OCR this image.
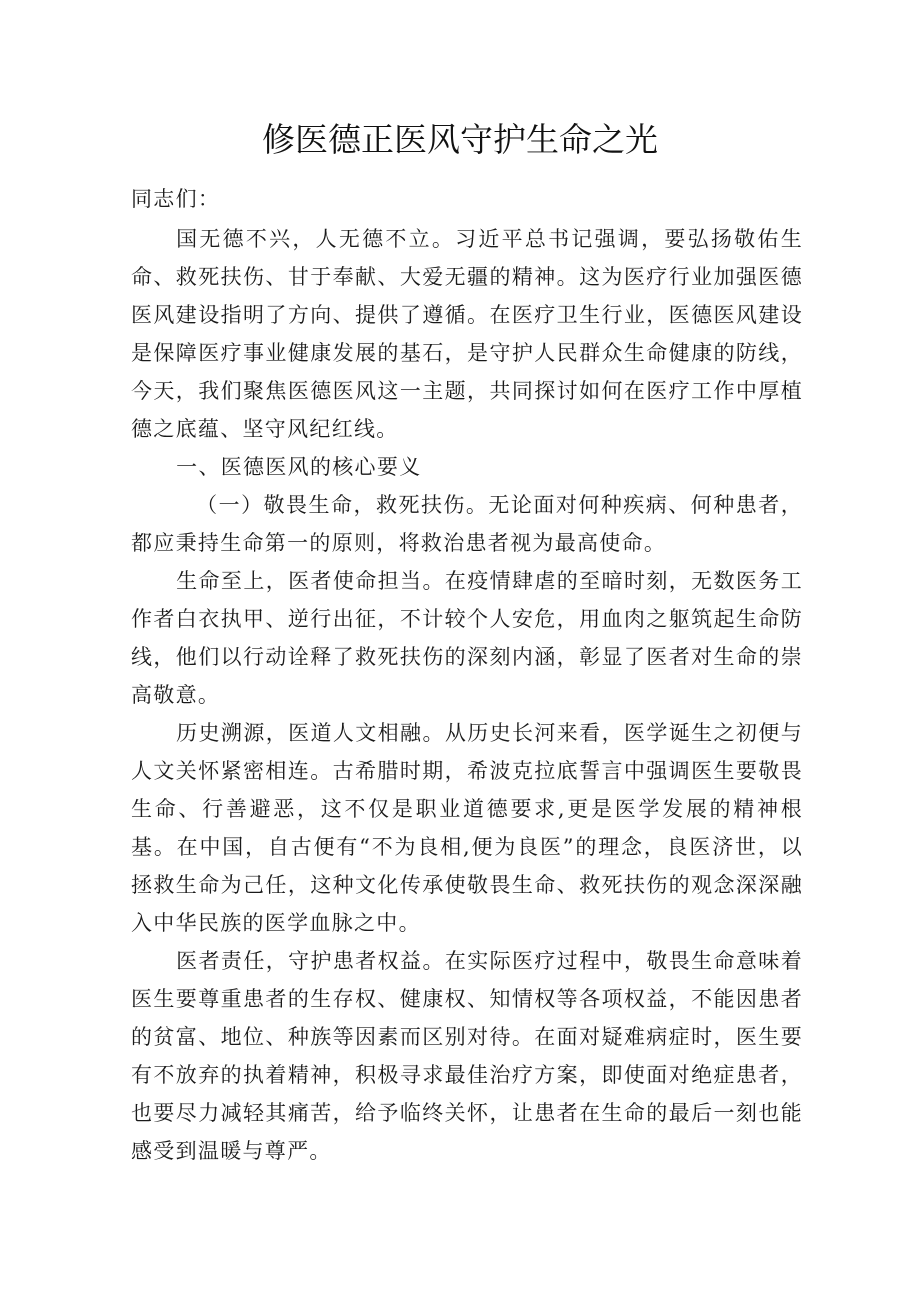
修医德正医风守护生命之光

同志们：

国无德不兴，人无德不立。习近平总书记强调，要弘扬敬佑生命、救死扶伤、甘于奉献、大爱无疆的精神。这为医疗行业加强医德医风建设指明了方向、提供了遵循。在医疗卫生行业，医德医风建设是保障医疗事业健康发展的基石，是守护人民群众生命健康的防线，今天，我们聚焦医德医风这一主题，共同探讨如何在医疗工作中厚植德之底蕴、坚守风纪红线。

一、医德医风的核心要义

（一）敬畏生命，救死扶伤。无论面对何种疾病、何种患者，都应秉持生命第一的原则，将救治患者视为最高使命。

生命至上，医者使命担当。在疫情肆虐的至暗时刻，无数医务工作者白衣执甲、逆行出征，不计较个人安危，用血肉之躯筑起生命防线，他们以行动诠释了救死扶伤的深刻内涵，彰显了医者对生命的崇高敬意。

历史溯源，医道人文相融。从历史长河来看，医学诞生之初便与人文关怀紧密相连。古希腊时期，希波克拉底誓言中强调医生要敬畏生命、行善避恶，这不仅是职业道德要求,更是医学发展的精神根基。在中国，自古便有“不为良相,便为良医”的理念，良医济世，以拯救生命为己任，这种文化传承使敬畏生命、救死扶伤的观念深深融入中华民族的医学血脉之中。

医者责任，守护患者权益。在实际医疗过程中，敬畏生命意味着医生要尊重患者的生存权、健康权、知情权等各项权益，不能因患者的贫富、地位、种族等因素而区别对待。在面对疑难病症时，医生要有不放弃的执着精神，积极寻求最佳治疗方案，即使面对绝症患者，也要尽力减轻其痛苦，给予临终关怀，让患者在生命的最后一刻也能感受到温暖与尊严。
